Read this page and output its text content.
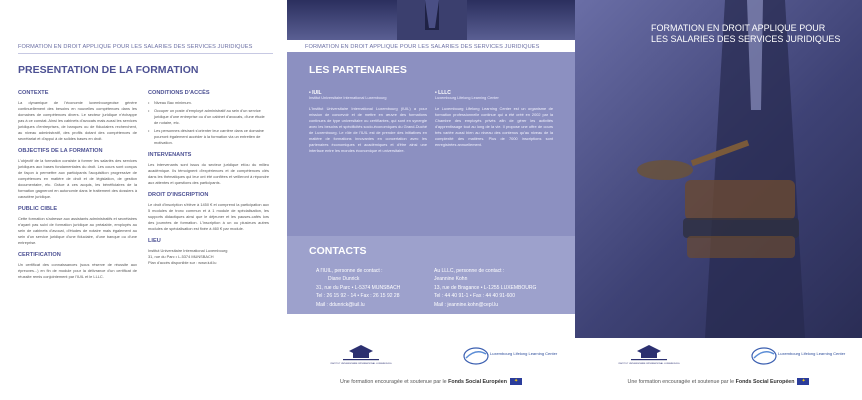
FORMATION EN DROIT APPLIQUE POUR LES SALARIES DES SERVICES JURIDIQUES
PRESENTATION DE LA FORMATION
CONTEXTE
La dynamique de l'économie luxembourgeoise génère continuellement des besoins en nouvelles compétences dans les domaines de compétences divers. Le secteur juridique n'échappe pas à ce constat. Ainsi les cabinets d'avocats mais aussi les services juridiques d'entreprises, de banques ou de fiduciaires recherchent, au niveau administratif, des profils dotant des compétences de secrétariat et d'appui à de solides bases en droit.
OBJECTIFS DE LA FORMATION
L'objectif de la formation consiste à former les salariés des services juridiques aux bases fondamentales du droit. Les cours sont conçus de façon à permettre aux participants l'acquisition progressive de compétences en matière de droit et de législation, de gestion documentaire, etc. Grâce à ces acquis, les bénéficiaires de la formation gagneront en autonomie dans le traitement des dossiers à caractère juridique.
PUBLIC CIBLE
Cette formation s'adresse aux assistants administratifs et secrétaires n'ayant pas suivi de formation juridique au préalable, employés au sein de cabinets d'avocat, d'études de notaire mais également au sein d'un service juridique d'une fiduciaire, d'une banque ou d'une entreprise.
CERTIFICATION
Un certificat des connaissances (sous réserve de réussite aux épreuves...) en fin de module pour la délivrance d'un certificat de réussite remis conjointement par l'IUIL et le LLLC.
CONDITIONS D'ACCÈS
• Niveau Bac minimum.
• Occuper un poste d'employé administratif au sein d'un service juridique d'une entreprise ou d'un cabinet d'avocats, d'une étude de notaire, etc.
• Les personnes désirant s'orienter leur carrière dans ce domaine pourront également accéder à la formation via un entretien de motivation.
INTERVENANTS
Les intervenants sont issus du secteur juridique et/ou du milieu académique. Ils témoignent d'expériences et de compétences clés dans les thématiques qui leur ont été confiées et veilleront à répondre aux attentes et questions des participants.
DROIT D'INSCRIPTION
Le droit d'inscription s'élève à 1450 € et comprend la participation aux 5 modules de tronc commun et à 1 module de spécialisation, les supports didactiques ainsi que le déjeuner et les pauses-cafés lors des journées de formation. L'inscription à un ou plusieurs autres modules de spécialisation est fixée à 460 € par module.
LIEU
Institut Universitaire International Luxembourg
31, rue du Parc • L-5374 MUNSBACH
Plan d'accès disponible sur : www.iuil.lu
FORMATION EN DROIT APPLIQUE POUR LES SALARIES DES SERVICES JURIDIQUES
LES PARTENAIRES
• IUIL
Institut Universitaire International Luxembourg
L'Institut Universitaire International Luxembourg (IUIL) a pour mission de concevoir et de mettre en œuvre des formations continues de type universitaire ou certifiantes, qui sont en synergie avec les besoins et spécificités socio-économiques du Grand-Duché de Luxembourg. Le rôle de l'IUIL est de prendre des initiatives en matière de formations innovantes en concertation avec les partenaires économiques et académiques et d'être ainsi une interface entre les mondes économique et universitaire.
• LLLC
Luxembourg Lifelong Learning Center
Le Luxembourg Lifelong Learning Center est un organisme de formation professionnelle continue qui a été créé en 2002 par la Chambre des employés privés afin de gérer les activités d'apprentissage tout au long de la vie. Il propose une offre de cours très variée aussi bien au niveau des contenus qu'au niveau de la complexité des matières. Plus de 7000 inscriptions sont enregistrées annuellement.
CONTACTS
A l'IUIL, personne de contact :
Diane Dunrick
31, rue du Parc • L-5374 MUNSBACH
Tel : 26 15 92 - 14 • Fax : 26 15 92 28
Mail : ddunrick@iuil.lu
Au LLLC, personne de contact :
Jeannine Kohn
13, rue de Bragance • L-1255 LUXEMBOURG
Tel : 44 40 91-1 • Fax : 44 40 91-600
Mail : jeannine.kohn@cepl.lu
INSTITUT UNIVERSITAIRE INTERNATIONAL LUXEMBOURG
Luxembourg Lifelong Learning Center
Une formation encouragée et soutenue par le Fonds Social Européen✦
FORMATION EN DROIT APPLIQUE POUR
LES SALARIES DES SERVICES JURIDIQUES
INSTITUT UNIVERSITAIRE INTERNATIONAL LUXEMBOURG
Luxembourg Lifelong Learning Center
Une formation encouragée et soutenue par le Fonds Social Européen✦
